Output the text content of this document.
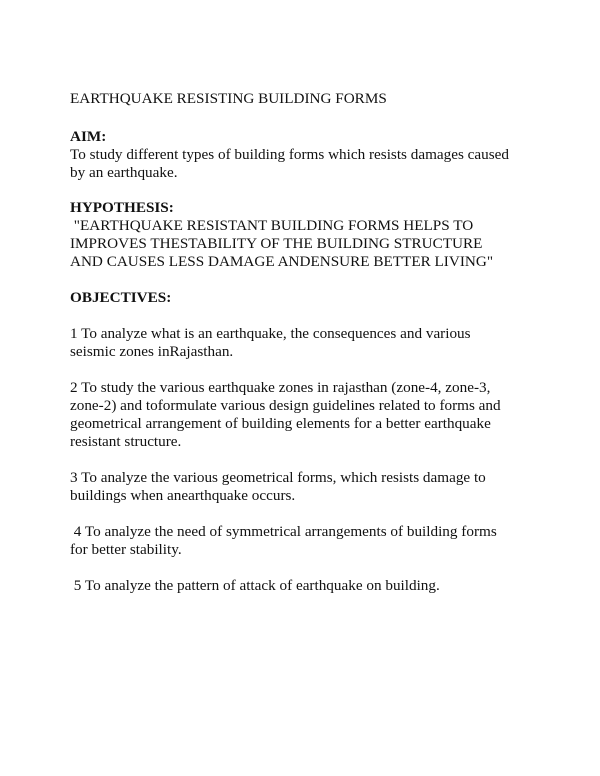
EARTHQUAKE RESISTING BUILDING FORMS
AIM:
To study different types of building forms which resists damages caused
by an earthquake.
HYPOTHESIS:
"EARTHQUAKE RESISTANT BUILDING FORMS HELPS TO
IMPROVES THESTABILITY OF THE BUILDING STRUCTURE
AND CAUSES LESS DAMAGE ANDENSURE BETTER LIVING"
OBJECTIVES:
1 To analyze what is an earthquake, the consequences and various
seismic zones inRajasthan.
2 To study the various earthquake zones in rajasthan (zone-4, zone-3,
zone-2) and toformulate various design guidelines related to forms and
geometrical arrangement of building elements for a better earthquake
resistant structure.
3 To analyze the various geometrical forms, which resists damage to
buildings when anearthquake occurs.
4 To analyze the need of symmetrical arrangements of building forms
for better stability.
5 To analyze the pattern of attack of earthquake on building.
